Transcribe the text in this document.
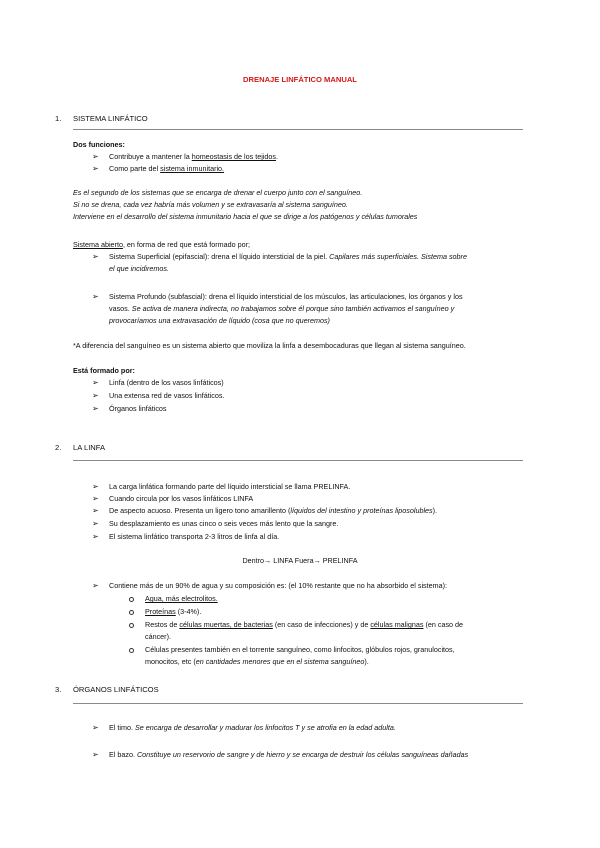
DRENAJE LINFÁTICO MANUAL
1. SISTEMA LINFÁTICO
Dos funciones:
➢ Contribuye a mantener la homeostasis de los tejidos.
➢ Como parte del sistema inmunitario.
Es el segundo de los sistemas que se encarga de drenar el cuerpo junto con el sanguíneo.
Si no se drena, cada vez habría más volumen y se extravasaría al sistema sanguíneo.
Interviene en el desarrollo del sistema inmunitario hacia el que se dirige a los patógenos y células tumorales
Sistema abierto, en forma de red que está formado por;
➢ Sistema Superficial (epifascial): drena el líquido intersticial de la piel. Capilares más superficiales. Sistema sobre
el que incidiremos.
➢ Sistema Profundo (subfascial): drena el líquido intersticial de los músculos, las articulaciones, los órganos y los
vasos. Se activa de manera indirecta, no trabajamos sobre él porque sino también activamos el sanguíneo y
provocaríamos una extravasación de líquido (cosa que no queremos)
*A diferencia del sanguíneo es un sistema abierto que moviliza la linfa a desembocaduras que llegan al sistema sanguíneo.
Está formado por:
➢ Linfa (dentro de los vasos linfáticos)
➢ Una extensa red de vasos linfáticos.
➢ Órganos linfáticos
2. LA LINFA
➢ La carga linfática formando parte del líquido intersticial se llama PRELINFA.
➢ Cuando circula por los vasos linfáticos LINFA
➢ De aspecto acuoso. Presenta un ligero tono amarillento (líquidos del intestino y proteínas liposolubles).
➢ Su desplazamiento es unas cinco o seis veces más lento que la sangre.
➢ El sistema linfático transporta 2-3 litros de linfa al día.
Dentro→ LINFA Fuera→ PRELINFA
➢ Contiene más de un 90% de agua y su composición es: (el 10% restante que no ha absorbido el sistema):
Agua, más electrolitos.
Proteínas (3-4%).
Restos de células muertas, de bacterias (en caso de infecciones) y de células malignas (en caso de
cáncer).
Células presentes también en el torrente sanguíneo, como linfocitos, glóbulos rojos, granulocitos,
monocitos, etc (en cantidades menores que en el sistema sanguíneo).
3. ÓRGANOS LINFÁTICOS
➢ El timo. Se encarga de desarrollar y madurar los linfocitos T y se atrofia en la edad adulta.
➢ El bazo. Constituye un reservorio de sangre y de hierro y se encarga de destruir los células sanguíneas dañadas
